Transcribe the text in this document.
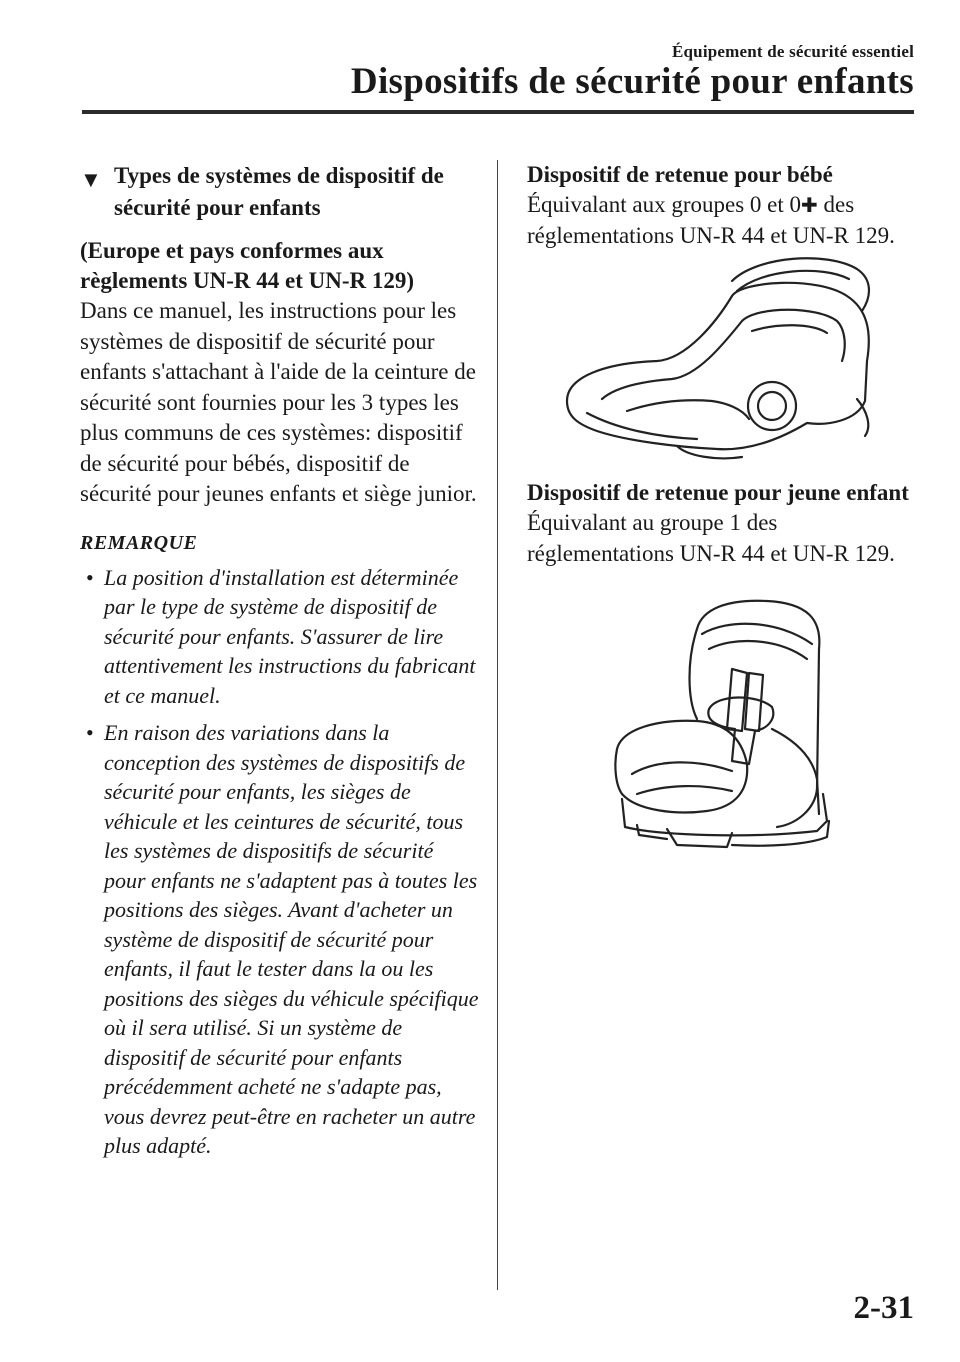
Équipement de sécurité essentiel
Dispositifs de sécurité pour enfants
▼ Types de systèmes de dispositif de sécurité pour enfants
(Europe et pays conformes aux règlements UN-R 44 et UN-R 129)

Dans ce manuel, les instructions pour les systèmes de dispositif de sécurité pour enfants s'attachant à l'aide de la ceinture de sécurité sont fournies pour les 3 types les plus communs de ces systèmes: dispositif de sécurité pour bébés, dispositif de sécurité pour jeunes enfants et siège junior.

REMARQUE
• La position d'installation est déterminée par le type de système de dispositif de sécurité pour enfants. S'assurer de lire attentivement les instructions du fabricant et ce manuel.
• En raison des variations dans la conception des systèmes de dispositifs de sécurité pour enfants, les sièges de véhicule et les ceintures de sécurité, tous les systèmes de dispositifs de sécurité pour enfants ne s'adaptent pas à toutes les positions des sièges. Avant d'acheter un système de dispositif de sécurité pour enfants, il faut le tester dans la ou les positions des sièges du véhicule spécifique où il sera utilisé. Si un système de dispositif de sécurité pour enfants précédemment acheté ne s'adapte pas, vous devrez peut-être en racheter un autre plus adapté.
Dispositif de retenue pour bébé

Équivalant aux groupes 0 et 0✚ des réglementations UN-R 44 et UN-R 129.

Dispositif de retenue pour jeune enfant

Équivalant au groupe 1 des réglementations UN-R 44 et UN-R 129.

2-31
